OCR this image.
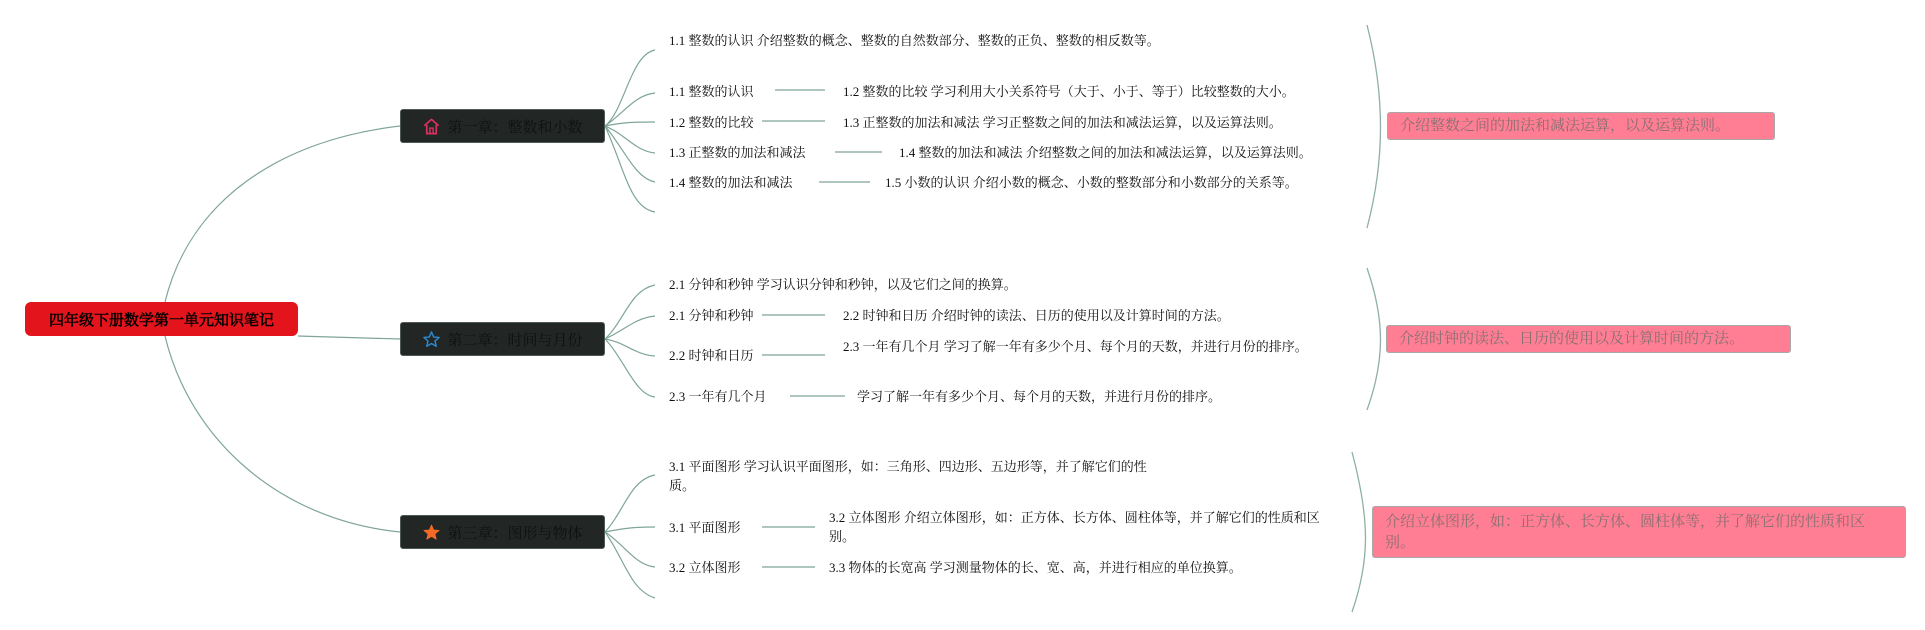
四年级下册数学第一单元知识笔记
第一章：整数和小数
1.1 整数的认识 介绍整数的概念、整数的自然数部分、整数的正负、整数的相反数等。
1.1 整数的认识	1.2 整数的比较 学习利用大小关系符号（大于、小于、等于）比较整数的大小。
1.2 整数的比较	1.3 正整数的加法和减法 学习正整数之间的加法和减法运算，以及运算法则。
1.3 正整数的加法和减法	1.4 整数的加法和减法 介绍整数之间的加法和减法运算，以及运算法则。
1.4 整数的加法和减法	1.5 小数的认识 介绍小数的概念、小数的整数部分和小数部分的关系等。
介绍整数之间的加法和减法运算，以及运算法则。
第二章：时间与月份
2.1 分钟和秒钟 学习认识分钟和秒钟，以及它们之间的换算。
2.1 分钟和秒钟	2.2 时钟和日历 介绍时钟的读法、日历的使用以及计算时间的方法。
2.2 时钟和日历
2.3 一年有几个月 学习了解一年有多少个月、每个月的天数，并进行月份的排序。
2.3 一年有几个月	学习了解一年有多少个月、每个月的天数，并进行月份的排序。
介绍时钟的读法、日历的使用以及计算时间的方法。
第三章：图形与物体
3.1 平面图形 学习认识平面图形，如：三角形、四边形、五边形等，并了解它们的性质。
3.1 平面图形
3.2 立体图形 介绍立体图形，如：正方体、长方体、圆柱体等，并了解它们的性质和区别。
3.2 立体图形	3.3 物体的长宽高 学习测量物体的长、宽、高，并进行相应的单位换算。
介绍立体图形，如：正方体、长方体、圆柱体等，并了解它们的性质和区别。
